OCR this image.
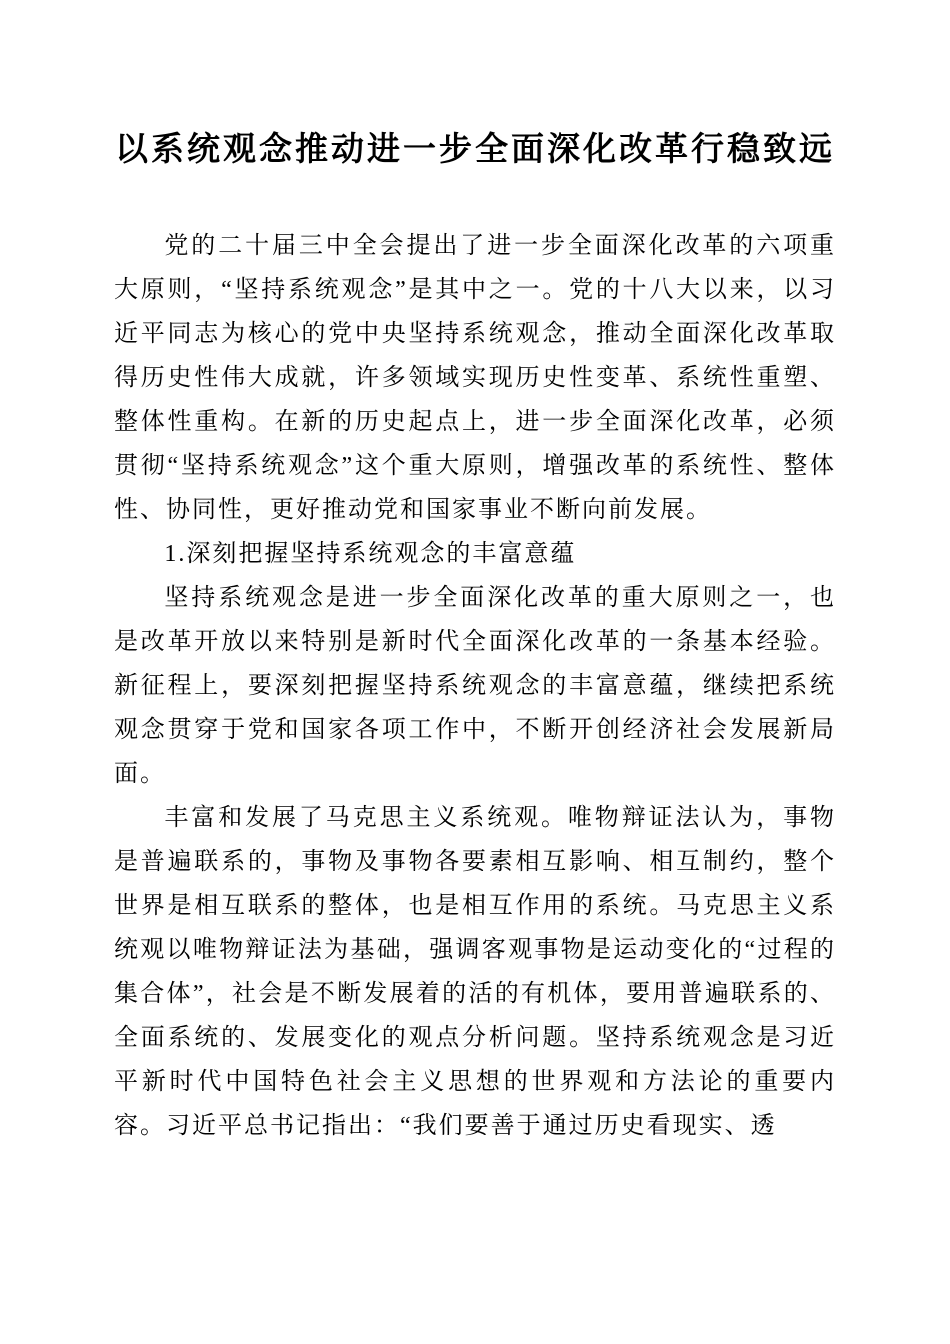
以系统观念推动进一步全面深化改革行稳致远

党的二十届三中全会提出了进一步全面深化改革的六项重大原则，“坚持系统观念”是其中之一。党的十八大以来，以习近平同志为核心的党中央坚持系统观念，推动全面深化改革取得历史性伟大成就，许多领域实现历史性变革、系统性重塑、整体性重构。在新的历史起点上，进一步全面深化改革，必须贯彻“坚持系统观念”这个重大原则，增强改革的系统性、整体性、协同性，更好推动党和国家事业不断向前发展。

1.深刻把握坚持系统观念的丰富意蕴

坚持系统观念是进一步全面深化改革的重大原则之一，也是改革开放以来特别是新时代全面深化改革的一条基本经验。新征程上，要深刻把握坚持系统观念的丰富意蕴，继续把系统观念贯穿于党和国家各项工作中，不断开创经济社会发展新局面。

丰富和发展了马克思主义系统观。唯物辩证法认为，事物是普遍联系的，事物及事物各要素相互影响、相互制约，整个世界是相互联系的整体，也是相互作用的系统。马克思主义系统观以唯物辩证法为基础，强调客观事物是运动变化的“过程的集合体”，社会是不断发展着的活的有机体，要用普遍联系的、全面系统的、发展变化的观点分析问题。坚持系统观念是习近平新时代中国特色社会主义思想的世界观和方法论的重要内容。习近平总书记指出：“我们要善于通过历史看现实、透
